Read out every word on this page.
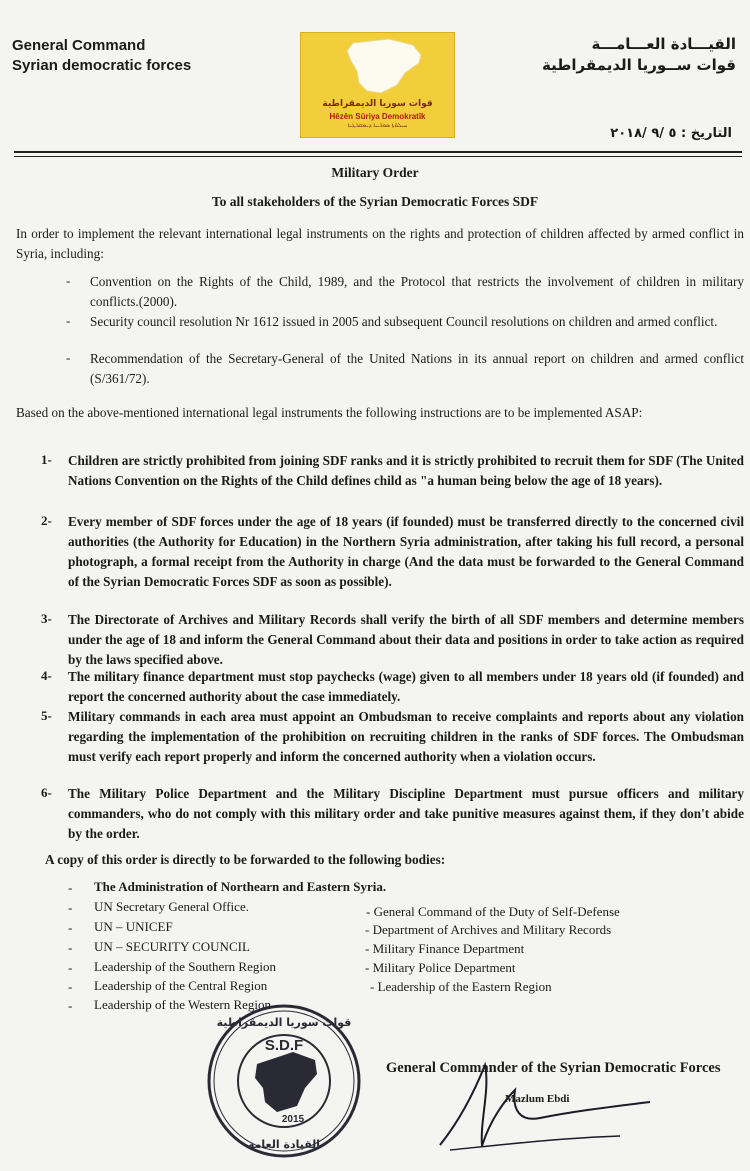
General Command
Syrian democratic forces
قوات سوريا الديمقراطية
Hêzên Sûriya Demokratîk
ܚܝܠܘ̈ܬܐ ܣܘܪ̈ܝܝܐ ܕܝܡܩܪ̈ܛܝܐ
القيـــادة العـــامـــة
قوات ســوريا الديمقراطية
التاريخ : ٥ /٩ /٢٠١٨
Military Order
To all stakeholders of the Syrian Democratic Forces SDF
In order to implement the relevant international legal instruments on the rights and protection of children affected by armed conflict in Syria, including:
- Convention on the Rights of the Child, 1989, and the Protocol that restricts the involvement of children in military conflicts.(2000).
- Security council resolution Nr 1612 issued in 2005 and subsequent Council resolutions on children and armed conflict.
- Recommendation of the Secretary-General of the United Nations in its annual report on children and armed conflict (S/361/72).
Based on the above-mentioned international legal instruments the following instructions are to be implemented ASAP:
1- Children are strictly prohibited from joining SDF ranks and it is strictly prohibited to recruit them for SDF (The United Nations Convention on the Rights of the Child defines child as "a human being below the age of 18 years).
2- Every member of SDF forces under the age of 18 years (if founded) must be transferred directly to the concerned civil authorities (the Authority for Education) in the Northern Syria administration, after taking his full record, a personal photograph, a formal receipt from the Authority in charge (And the data must be forwarded to the General Command of the Syrian Democratic Forces SDF as soon as possible).
3- The Directorate of Archives and Military Records shall verify the birth of all SDF members and determine members under the age of 18 and inform the General Command about their data and positions in order to take action as required by the laws specified above.
4- The military finance department must stop paychecks (wage) given to all members under 18 years old (if founded) and report the concerned authority about the case immediately.
5- Military commands in each area must appoint an Ombudsman to receive complaints and reports about any violation regarding the implementation of the prohibition on recruiting children in the ranks of SDF forces. The Ombudsman must verify each report properly and inform the concerned authority when a violation occurs.
6- The Military Police Department and the Military Discipline Department must pursue officers and military commanders, who do not comply with this military order and take punitive measures against them, if they don't abide by the order.
A copy of this order is directly to be forwarded to the following bodies:
- The Administration of Northearn and Eastern Syria.
- UN Secretary General Office.
- UN – UNICEF
- UN – SECURITY COUNCIL
- Leadership of the Southern Region
- Leadership of the Central Region
- Leadership of the Western Region
- General Command of the Duty of Self-Defense
- Department of Archives and Military Records
- Military Finance Department
- Military Police Department
- Leadership of the Eastern Region
S.D.F
2015
قوات سوريا الديمقراطية
القيادة العامة
General Commander of the Syrian Democratic Forces
Mazlum Ebdi
